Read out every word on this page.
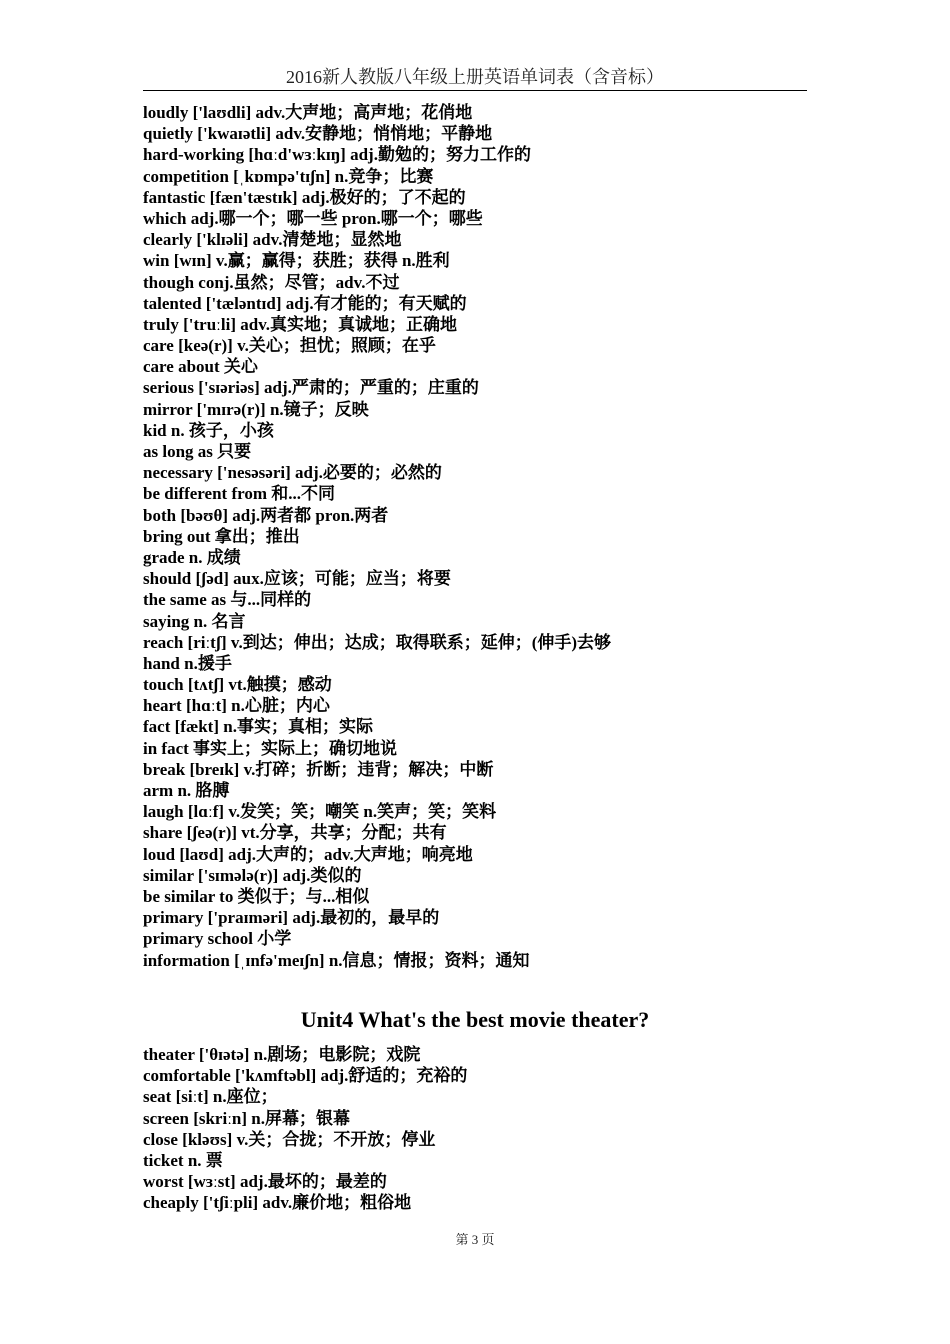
2016新人教版八年级上册英语单词表（含音标）
loudly ['laʊdli] adv.大声地；高声地；花俏地
quietly ['kwaɪətli] adv.安静地；悄悄地；平静地
hard-working [hɑːd'wɜːkɪŋ] adj.勤勉的；努力工作的
competition [ˌkɒmpə'tɪʃn] n.竞争；比赛
fantastic [fæn'tæstɪk] adj.极好的；了不起的
which adj.哪一个；哪一些 pron.哪一个；哪些
clearly ['klɪəli] adv.清楚地；显然地
win [wɪn] v.赢；赢得；获胜；获得 n.胜利
though conj.虽然；尽管；adv.不过
talented ['tæləntɪd] adj.有才能的；有天赋的
truly ['truːli] adv.真实地；真诚地；正确地
care [keə(r)] v.关心；担忧；照顾；在乎
care about 关心
serious ['sɪəriəs] adj.严肃的；严重的；庄重的
mirror ['mɪrə(r)] n.镜子；反映
kid n. 孩子，小孩
as long as 只要
necessary ['nesəsəri] adj.必要的；必然的
be different from 和...不同
both [bəʊθ] adj.两者都 pron.两者
bring out 拿出；推出
grade n. 成绩
should [ʃəd] aux.应该；可能；应当；将要
the same as 与...同样的
saying n. 名言
reach [riːtʃ] v.到达；伸出；达成；取得联系；延伸；(伸手)去够
hand n.援手
touch [tʌtʃ] vt.触摸；感动
heart [hɑːt] n.心脏；内心
fact [fækt] n.事实；真相；实际
in fact 事实上；实际上；确切地说
break [breɪk] v.打碎；折断；违背；解决；中断
arm n. 胳膊
laugh [lɑːf] v.发笑；笑；嘲笑 n.笑声；笑；笑料
share [ʃeə(r)] vt.分享，共享；分配；共有
loud [laʊd] adj.大声的；adv.大声地；响亮地
similar ['sɪmələ(r)] adj.类似的
be similar to 类似于；与...相似
primary ['praɪməri] adj.最初的，最早的
primary school 小学
information [ˌɪnfə'meɪʃn] n.信息；情报；资料；通知
Unit4 What's the best movie theater?
theater ['θɪətə] n.剧场；电影院；戏院
comfortable ['kʌmftəbl] adj.舒适的；充裕的
seat [siːt] n.座位；
screen [skriːn] n.屏幕；银幕
close [kləʊs] v.关；合拢；不开放；停业
ticket n. 票
worst [wɜːst] adj.最坏的；最差的
cheaply ['tʃiːpli] adv.廉价地；粗俗地
第 3 页
